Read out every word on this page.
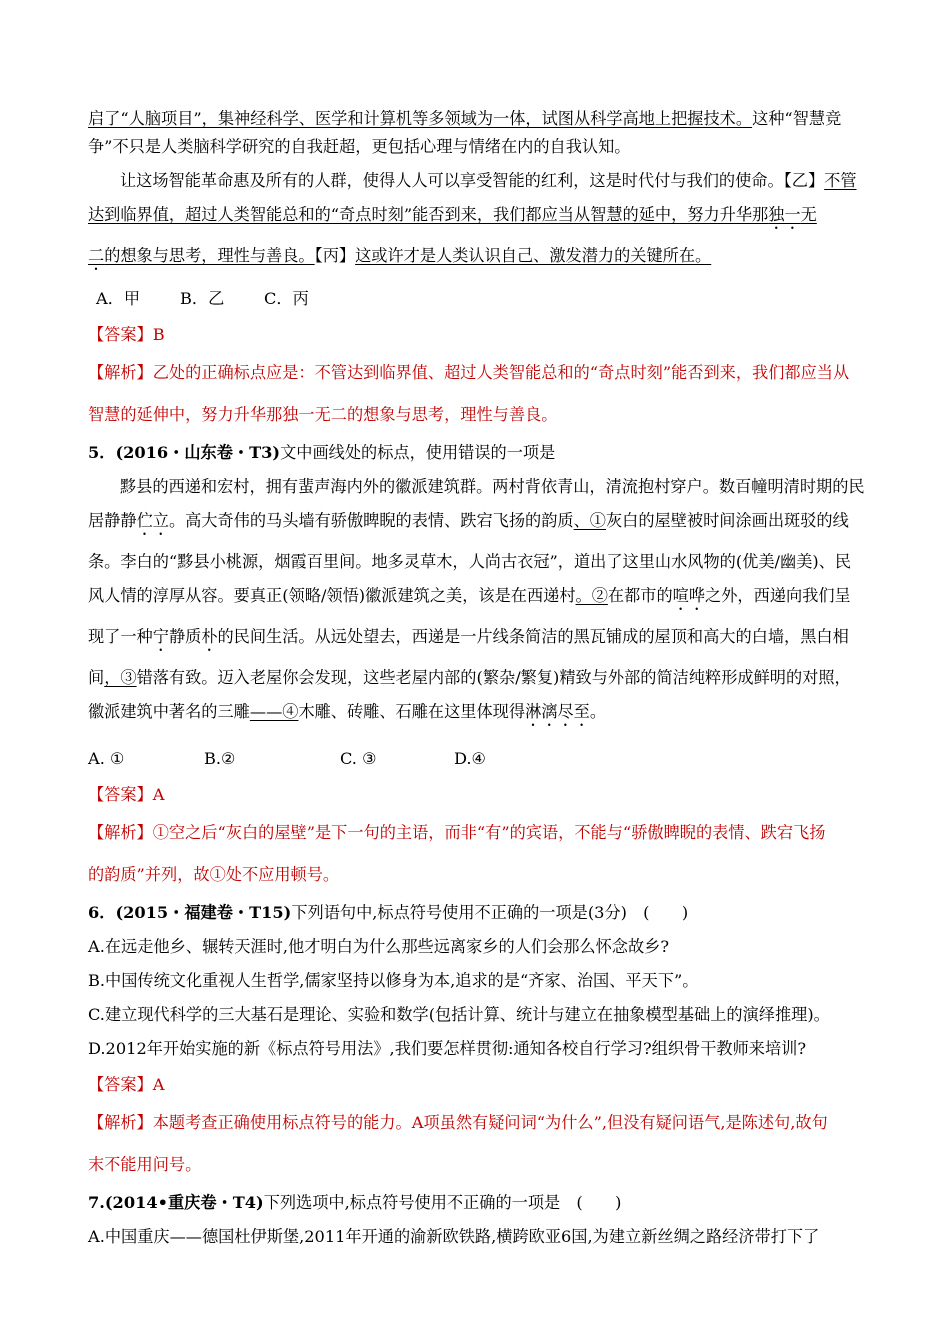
启了“人脑项目”，集神经科学、医学和计算机等多领域为一体，试图从科学高地上把握技术。这种“智慧竞

争”不只是人类脑科学研究的自我赶超，更包括心理与情绪在内的自我认知。

让这场智能革命惠及所有的人群，使得人人可以享受智能的红利，这是时代付与我们的使命。【乙】不管

达到临界值，超过人类智能总和的“奇点时刻”能否到来，我们都应当从智慧的延中，努力升华那独一无

二的想象与思考，理性与善良。【丙】这或许才是人类认识自己、激发潜力的关键所在。

A．甲 B．乙 C．丙

【答案】B

【解析】乙处的正确标点应是：不管达到临界值、超过人类智能总和的“奇点时刻”能否到来，我们都应当从

智慧的延伸中，努力升华那独一无二的想象与思考，理性与善良。

5．(2016・山东卷・T3)文中画线处的标点，使用错误的一项是

黟县的西递和宏村，拥有蜚声海内外的徽派建筑群。两村背依青山，清流抱村穿户。数百幢明清时期的民

居静静伫立。高大奇伟的马头墙有骄傲睥睨的表情、跌宕飞扬的韵质、①灰白的屋壁被时间涂画出斑驳的线

条。李白的“黟县小桃源，烟霞百里间。地多灵草木，人尚古衣冠”，道出了这里山水风物的(优美/幽美)、民

风人情的淳厚从容。要真正(领略/领悟)徽派建筑之美，该是在西递村。②在都市的喧哗之外，西递向我们呈

现了一种宁静质朴的民间生活。从远处望去，西递是一片线条简洁的黑瓦铺成的屋顶和高大的白墙，黑白相

间，③错落有致。迈入老屋你会发现，这些老屋内部的(繁杂/繁复)精致与外部的简洁纯粹形成鲜明的对照，

徽派建筑中著名的三雕——④木雕、砖雕、石雕在这里体现得淋漓尽至。

A. ①	B.②	C. ③	D.④

【答案】A

【解析】①空之后“灰白的屋壁”是下一句的主语，而非“有”的宾语，不能与“骄傲睥睨的表情、跌宕飞扬

的韵质”并列，故①处不应用顿号。

6．(2015・福建卷・T15)下列语句中,标点符号使用不正确的一项是(3分)　(　　)

A.在远走他乡、辗转天涯时,他才明白为什么那些远离家乡的人们会那么怀念故乡?

B.中国传统文化重视人生哲学,儒家坚持以修身为本,追求的是“齐家、治国、平天下”。

C.建立现代科学的三大基石是理论、实验和数学(包括计算、统计与建立在抽象模型基础上的演绎推理)。

D.2012年开始实施的新《标点符号用法》,我们要怎样贯彻:通知各校自行学习?组织骨干教师来培训?

【答案】A

【解析】本题考查正确使用标点符号的能力。A项虽然有疑问词“为什么”,但没有疑问语气,是陈述句,故句

末不能用问号。

7.(2014•重庆卷・T4)下列选项中,标点符号使用不正确的一项是　(　　)

A.中国重庆——德国杜伊斯堡,2011年开通的渝新欧铁路,横跨欧亚6国,为建立新丝绸之路经济带打下了
